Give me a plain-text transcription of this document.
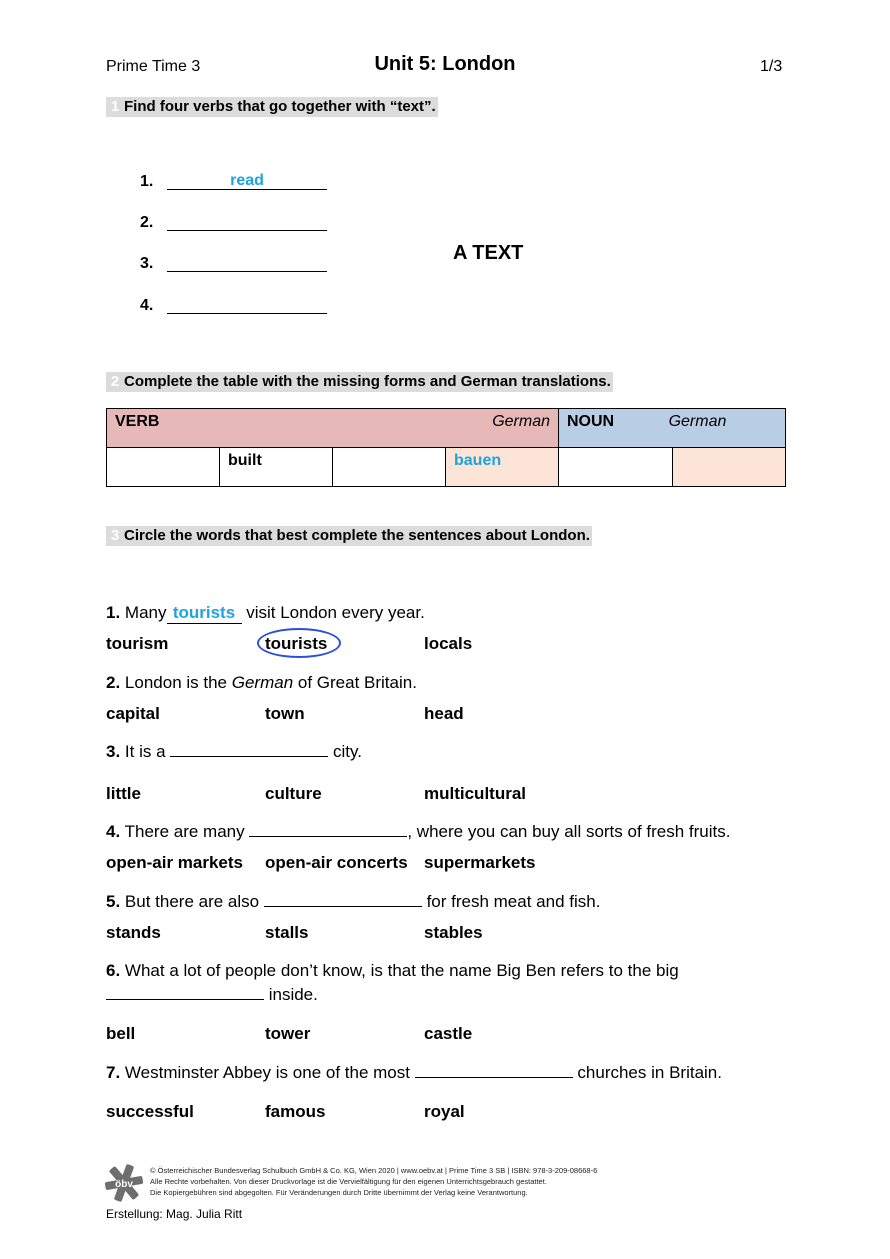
Prime Time 3	Unit 5: London	1/3
1 Find four verbs that go together with “text”.
1.	read
2.
3.
4.
A TEXT
2 Complete the table with the missing forms and German translations.
VERB German				NOUN German	
	built		bauen		
3 Circle the words that best complete the sentences about London.
1. Many tourists visit London every year.
tourism	tourists	locals
2. London is the German of Great Britain.
capital	town	head
3. It is a	city.
little	culture	multicultural
4. There are many	, where you can buy all sorts of fresh fruits.
open-air markets open-air concerts supermarkets
5. But there are also	for fresh meat and fish.
stands	stalls	stables
6. What a lot of people don’t know, is that the name Big Ben refers to the big
inside.
bell	tower	castle
7. Westminster Abbey is one of the most	churches in Britain.
successful	famous	royal
öbv
© Österreichischer Bundesverlag Schulbuch GmbH & Co. KG, Wien 2020 | www.oebv.at | Prime Time 3 SB | ISBN: 978-3-209-08668-6
Alle Rechte vorbehalten. Von dieser Druckvorlage ist die Vervielfältigung für den eigenen Unterrichtsgebrauch gestattet.
Die Kopiergebühren sind abgegolten. Für Veränderungen durch Dritte übernimmt der Verlag keine Verantwortung.
Erstellung: Mag. Julia Ritt
